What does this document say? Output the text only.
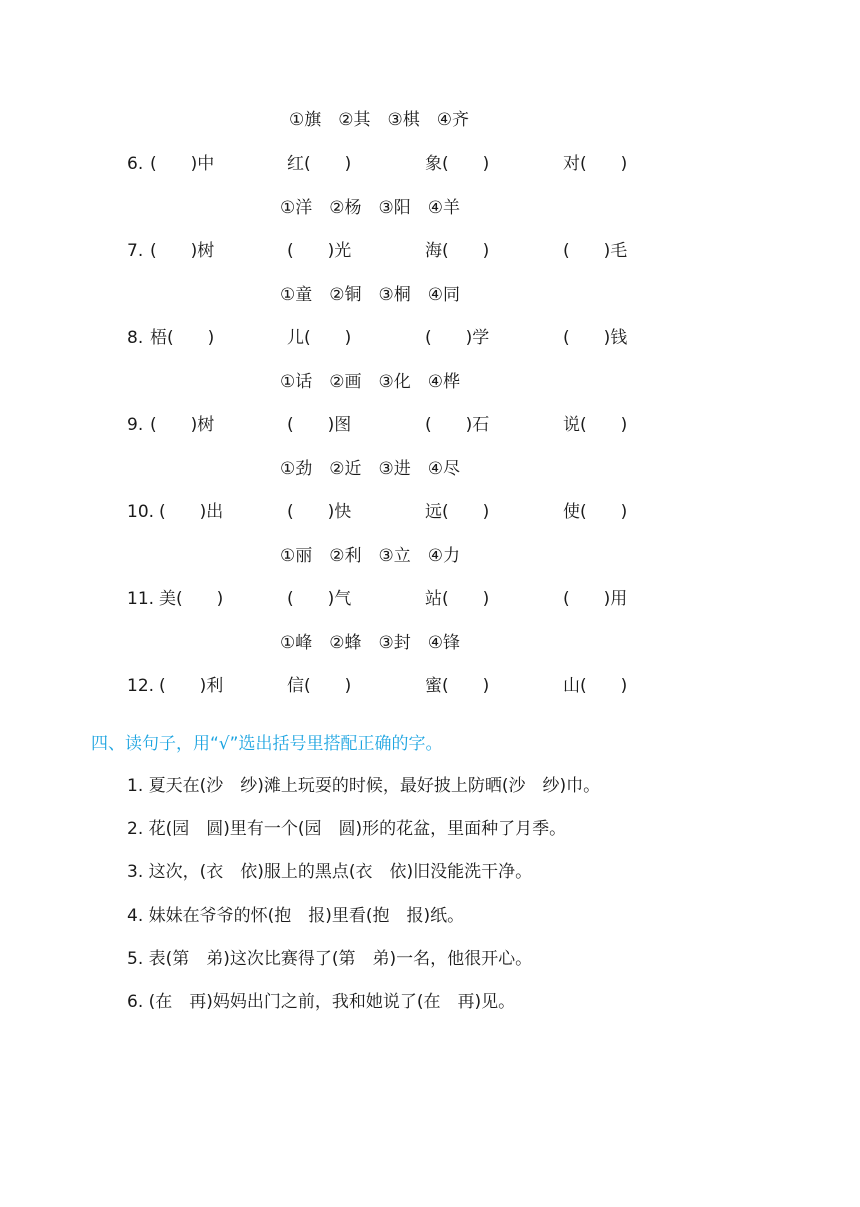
①旗　②其　③棋　④齐
6. (　　)中	红(　　)	象(　　)	对(　　)
①洋　②杨　③阳　④羊
7. (　　)树	(　　)光	海(　　)	(　　)毛
①童　②铜　③桐　④同
8. 梧(　　)	儿(　　)	(　　)学	(　　)钱
①话　②画　③化　④桦
9. (　　)树	(　　)图	(　　)石	说(　　)
①劲　②近　③进　④尽
10. (　　)出	(　　)快	远(　　)	使(　　)
①丽　②利　③立　④力
11. 美(　　)	(　　)气	站(　　)	(　　)用
①峰　②蜂　③封　④锋
12. (　　)利	信(　　)	蜜(　　)	山(　　)
四、读句子，用“√”选出括号里搭配正确的字。
1. 夏天在(沙　纱)滩上玩耍的时候，最好披上防晒(沙　纱)巾。
2. 花(园　圆)里有一个(园　圆)形的花盆，里面种了月季。
3. 这次，(衣　依)服上的黑点(衣　依)旧没能洗干净。
4. 妹妹在爷爷的怀(抱　报)里看(抱　报)纸。
5. 表(第　弟)这次比赛得了(第　弟)一名，他很开心。
6. (在　再)妈妈出门之前，我和她说了(在　再)见。
